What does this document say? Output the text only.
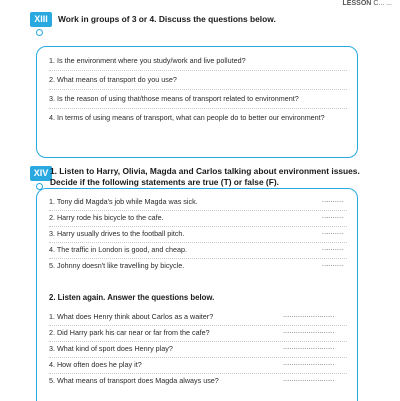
LESSON C... ...
XIII	Work in groups of 3 or 4. Discuss the questions below.
1. Is the environment where you study/work and live polluted?
2. What means of transport do you use?
3. Is the reason of using that/those means of transport related to environment?
4. In terms of using means of transport, what can people do to better our environment?
XIV 1. Listen to Harry, Olivia, Magda and Carlos talking about environment issues.
Decide if the following statements are true (T) or false (F).
1. Tony did Magda's job while Magda was sick.	..........
2. Harry rode his bicycle to the cafe.	..........
3. Harry usually drives to the football pitch.	..........
4. The traffic in London is good, and cheap.	..........
5. Johnny doesn't like travelling by bicycle.	..........
2. Listen again. Answer the questions below.
1. What does Henry think about Carlos as a waiter?	........................
2. Did Harry park his car near or far from the cafe?	........................
3. What kind of sport does Henry play?	........................
4. How often does he play it?	........................
5. What means of transport does Magda always use?	........................
